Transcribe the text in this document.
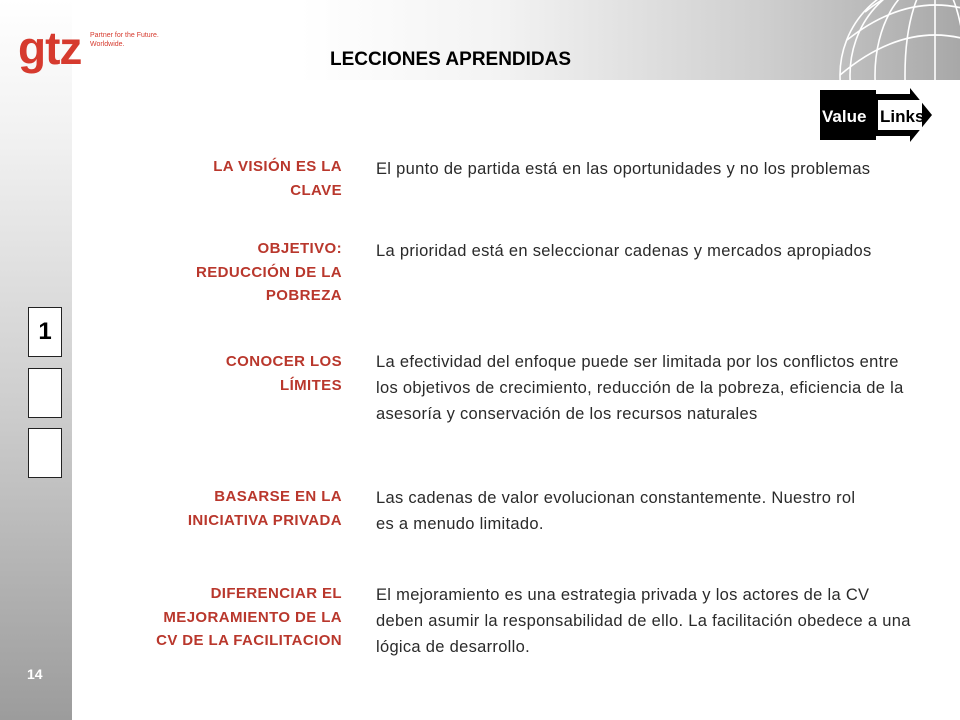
gtz Partner for the Future.
Worldwide.
LECCIONES APRENDIDAS
Value Links
1
14
LA VISIÓN ES LA
CLAVE
El punto de partida está en las oportunidades y no los problemas
OBJETIVO:
REDUCCIÓN DE LA
POBREZA
La prioridad está en seleccionar cadenas y mercados apropiados
CONOCER LOS
LÍMITES
La efectividad del enfoque puede ser limitada por los conflictos entre los objetivos de crecimiento, reducción de la pobreza, eficiencia de la asesoría y conservación de los recursos naturales
BASARSE EN LA
INICIATIVA PRIVADA
Las cadenas de valor evolucionan constantemente. Nuestro rol es a menudo limitado.
DIFERENCIAR EL
MEJORAMIENTO DE LA
CV DE LA FACILITACION
El mejoramiento es una estrategia privada y los actores de la CV deben asumir la responsabilidad de ello. La facilitación obedece a una lógica de desarrollo.
